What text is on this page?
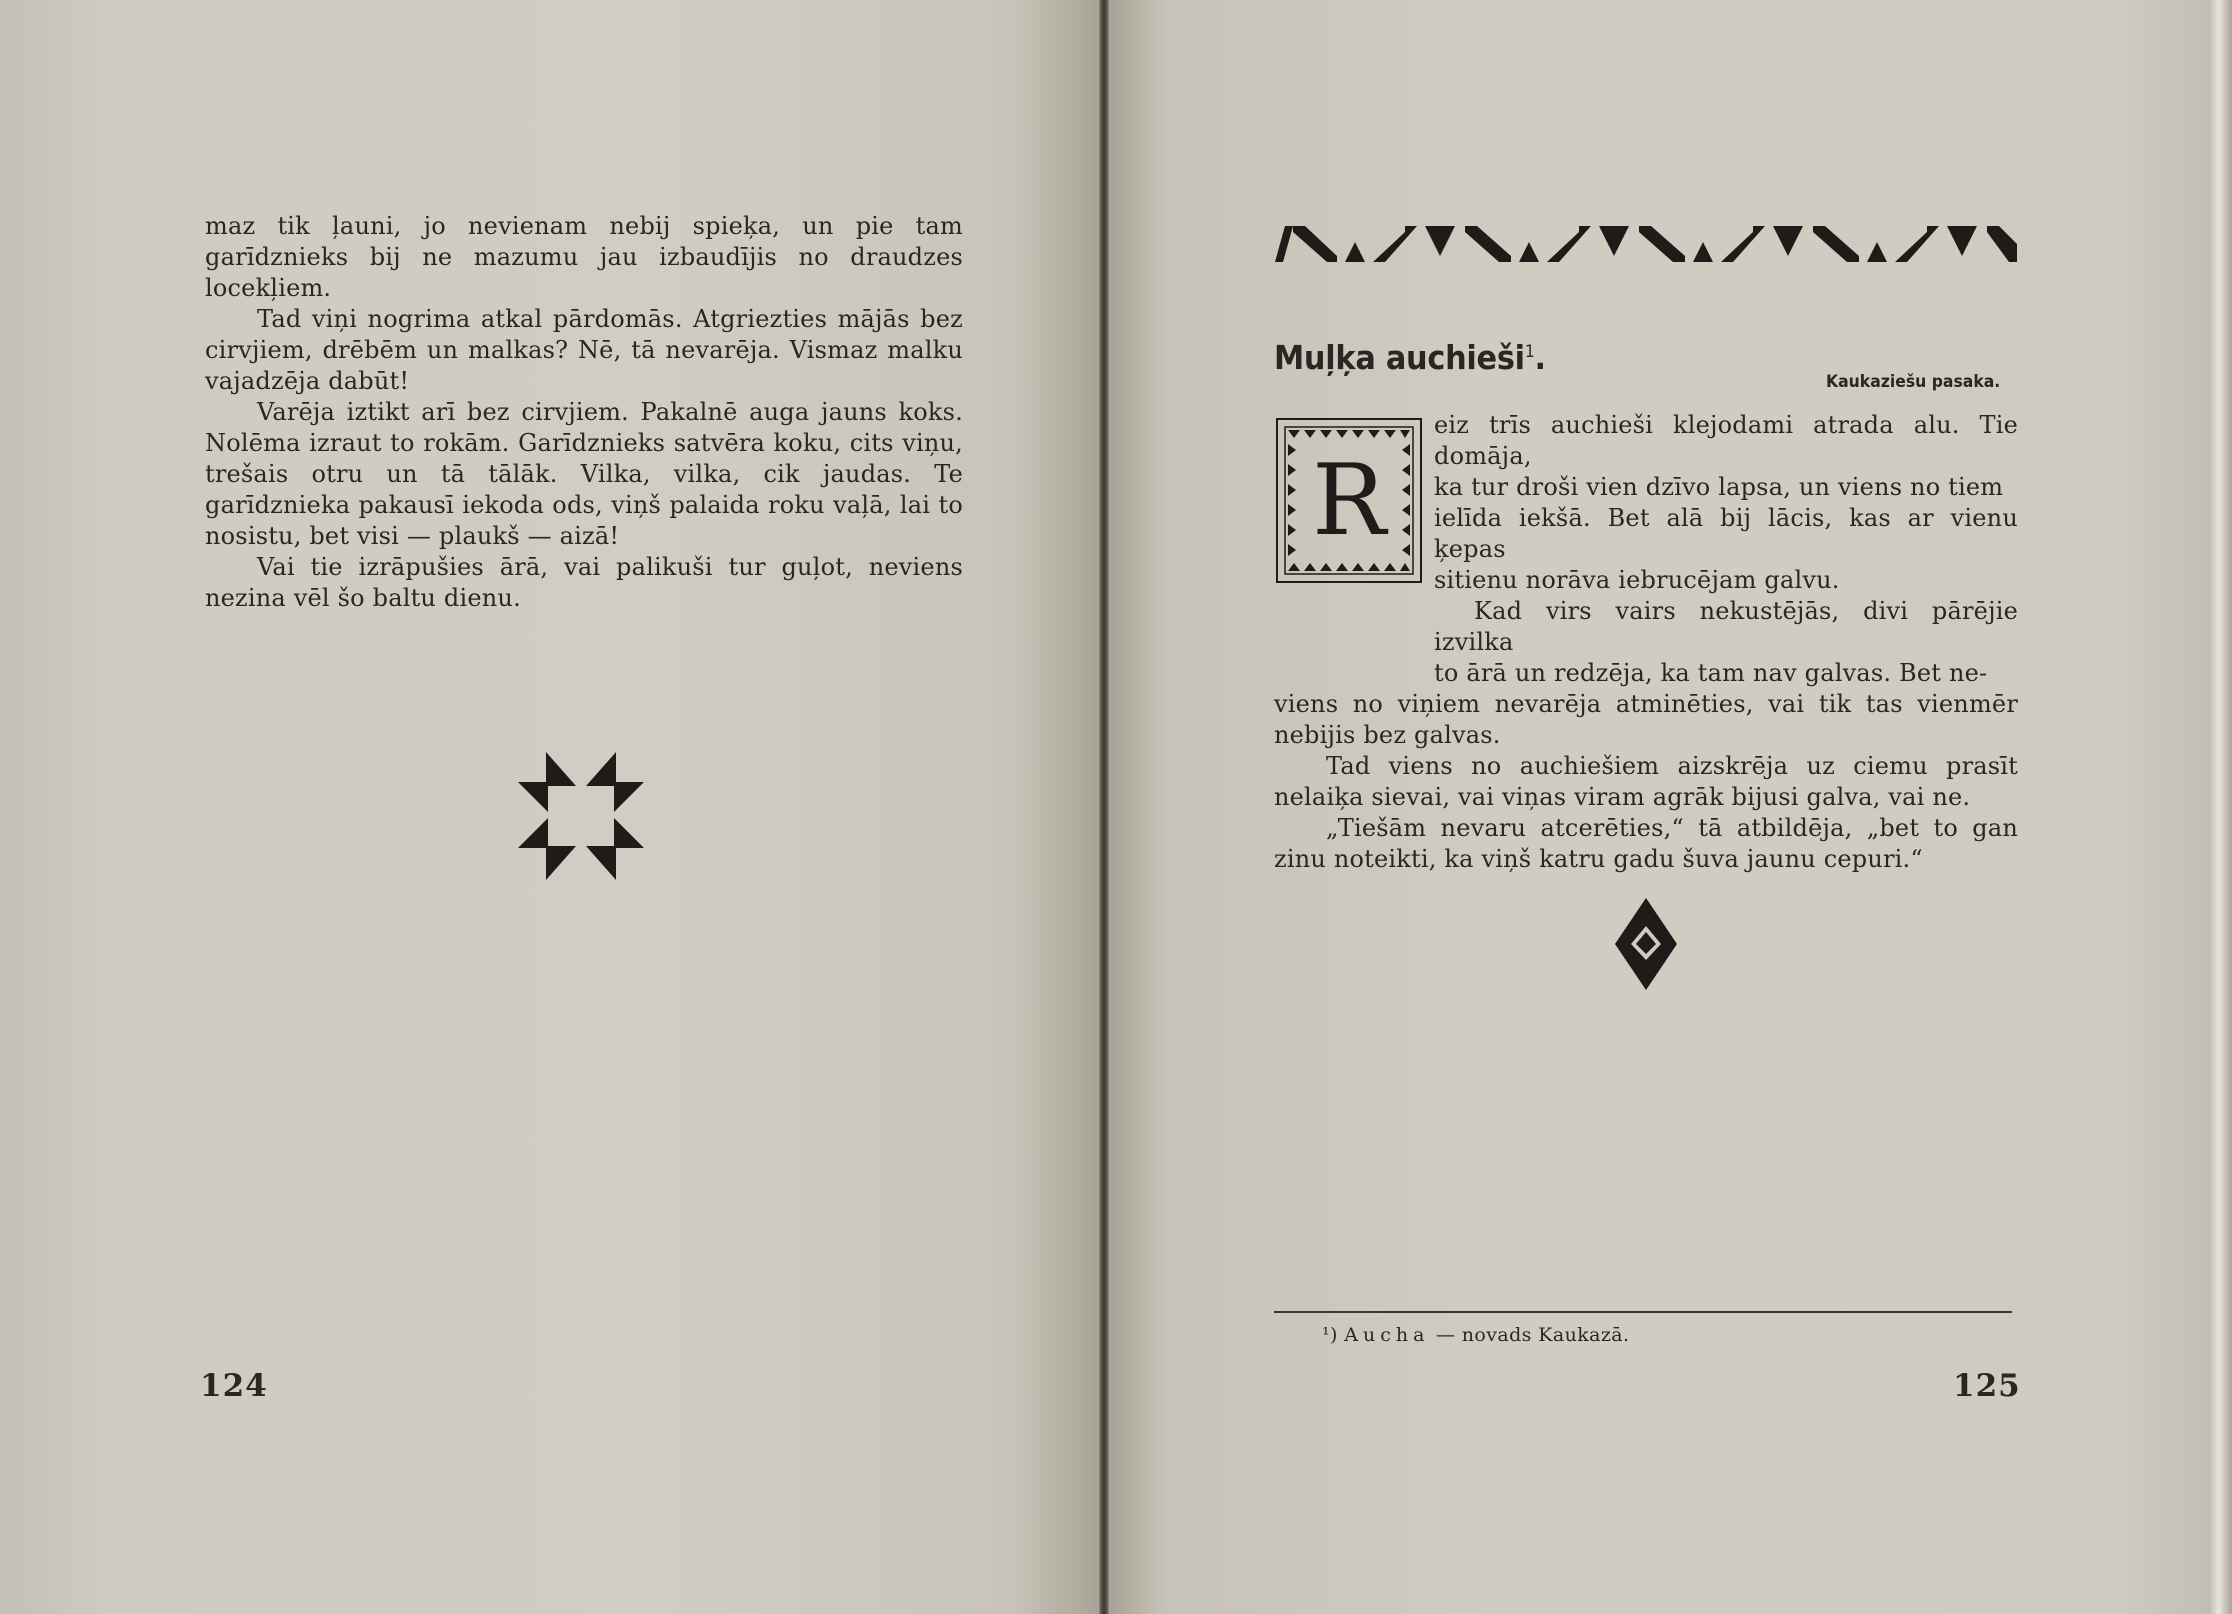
maz tik ļauni, jo nevienam nebij spieķa, un pie tam garīdznieks bij ne mazumu jau izbaudījis no draudzes locekļiem.

Tad viņi nogrima atkal pārdomās. Atgriezties mājās bez cirvjiem, drēbēm un malkas? Nē, tā nevarēja. Vismaz malku vajadzēja dabūt!

Varēja iztikt arī bez cirvjiem. Pakalnē auga jauns koks. Nolēma izraut to rokām. Garīdznieks satvēra koku, cits viņu, trešais otru un tā tālāk. Vilka, vilka, cik jaudas. Te garīdznieka pakausī iekoda ods, viņš palaida roku vaļā, lai to nosistu, bet visi — plaukš — aizā!

Vai tie izrāpušies ārā, vai palikuši tur guļot, neviens nezina vēl šo baltu dienu.

124
Muļķa auchieši$^1$.
Kaukaziešu pasaka.
R

eiz trīs auchieši klejodami atrada alu. Tie domāja,

ka tur droši vien dzīvo lapsa, un viens no tiem

ielīda iekšā. Bet alā bij lācis, kas ar vienu ķepas

sitienu norāva iebrucējam galvu.

Kad virs vairs nekustējās, divi pārējie izvilka

to ārā un redzēja, ka tam nav galvas. Bet ne-

viens no viņiem nevarēja atminēties, vai tik tas vienmēr nebijis bez galvas.

Tad viens no auchiešiem aizskrēja uz ciemu prasīt nelaiķa sievai, vai viņas viram agrāk bijusi galva, vai ne.

„Tiešām nevaru atcerēties,“ tā atbildēja, „bet to gan zinu noteikti, ka viņš katru gadu šuva jaunu cepuri.“

¹) Aucha — novads Kaukazā.
125
